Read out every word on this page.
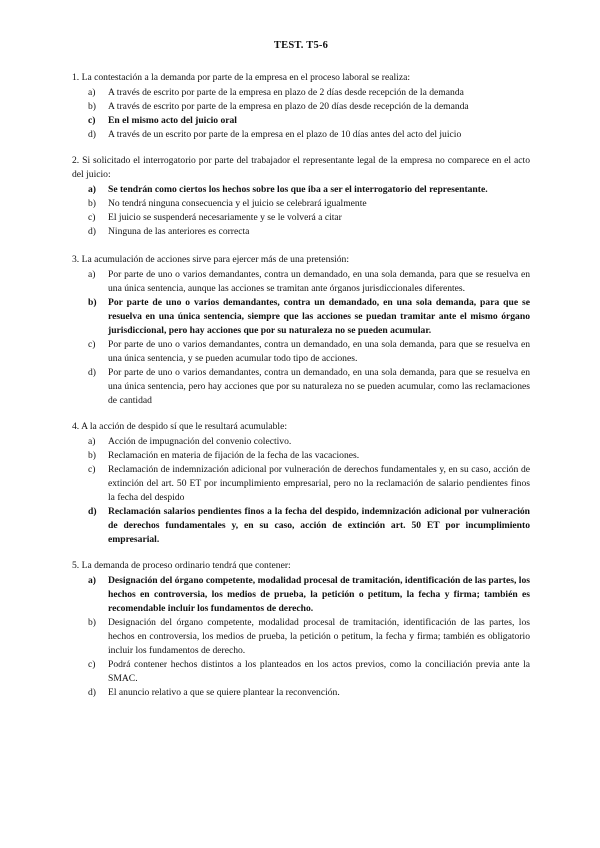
TEST. T5-6

1. La contestación a la demanda por parte de la empresa en el proceso laboral se realiza:

a)	A través de escrito por parte de la empresa en plazo de 2 días desde recepción de la demanda
b)	A través de escrito por parte de la empresa en plazo de 20 días desde recepción de la demanda
c)	En el mismo acto del juicio oral
d)	A través de un escrito por parte de la empresa en el plazo de 10 días antes del acto del juicio

2. Si solicitado el interrogatorio por parte del trabajador el representante legal de la empresa no comparece en el acto del juicio:

a)	Se tendrán como ciertos los hechos sobre los que iba a ser el interrogatorio del representante.
b)	No tendrá ninguna consecuencia y el juicio se celebrará igualmente
c)	El juicio se suspenderá necesariamente y se le volverá a citar
d)	Ninguna de las anteriores es correcta

3. La acumulación de acciones sirve para ejercer más de una pretensión:

a)	Por parte de uno o varios demandantes, contra un demandado, en una sola demanda, para que se resuelva en una única sentencia, aunque las acciones se tramitan ante órganos jurisdiccionales diferentes.
b)	Por parte de uno o varios demandantes, contra un demandado, en una sola demanda, para que se resuelva en una única sentencia, siempre que las acciones se puedan tramitar ante el mismo órgano jurisdiccional, pero hay acciones que por su naturaleza no se pueden acumular.
c)	Por parte de uno o varios demandantes, contra un demandado, en una sola demanda, para que se resuelva en una única sentencia, y se pueden acumular todo tipo de acciones.
d)	Por parte de uno o varios demandantes, contra un demandado, en una sola demanda, para que se resuelva en una única sentencia, pero hay acciones que por su naturaleza no se pueden acumular, como las reclamaciones de cantidad

4. A la acción de despido sí que le resultará acumulable:

a)	Acción de impugnación del convenio colectivo.
b)	Reclamación en materia de fijación de la fecha de las vacaciones.
c)	Reclamación de indemnización adicional por vulneración de derechos fundamentales y, en su caso, acción de extinción del art. 50 ET por incumplimiento empresarial, pero no la reclamación de salario pendientes finos la fecha del despido
d)	Reclamación salarios pendientes finos a la fecha del despido, indemnización adicional por vulneración de derechos fundamentales y, en su caso, acción de extinción art. 50 ET por incumplimiento empresarial.

5. La demanda de proceso ordinario tendrá que contener:

a)	Designación del órgano competente, modalidad procesal de tramitación, identificación de las partes, los hechos en controversia, los medios de prueba, la petición o petitum, la fecha y firma; también es recomendable incluir los fundamentos de derecho.
b)	Designación del órgano competente, modalidad procesal de tramitación, identificación de las partes, los hechos en controversia, los medios de prueba, la petición o petitum, la fecha y firma; también es obligatorio incluir los fundamentos de derecho.
c)	Podrá contener hechos distintos a los planteados en los actos previos, como la conciliación previa ante la SMAC.
d)	El anuncio relativo a que se quiere plantear la reconvención.
